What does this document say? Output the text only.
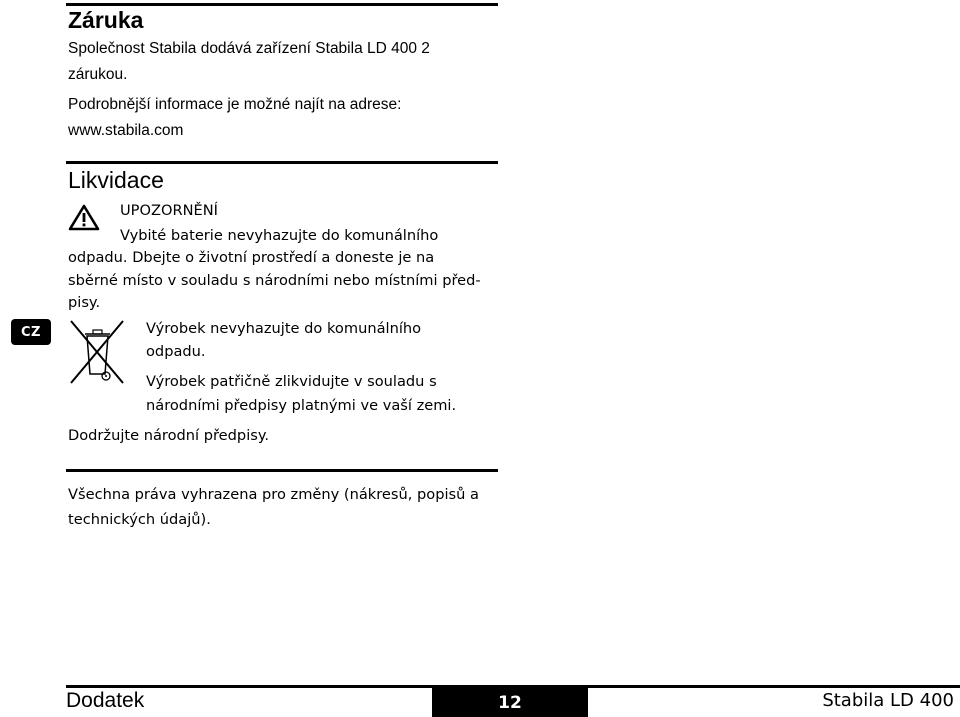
Záruka
Společnost Stabila dodává zařízení Stabila LD 400 2
zárukou.
Podrobnější informace je možné najít na adrese:
www.stabila.com
Likvidace
UPOZORNĚNÍ
Vybité baterie nevyhazujte do komunálního
odpadu. Dbejte o životní prostředí a doneste je na
sběrné místo v souladu s národními nebo místními před-
pisy.
CZ	Výrobek nevyhazujte do komunálního
odpadu.
Výrobek patřičně zlikvidujte v souladu s
národními předpisy platnými ve vaší zemi.
Dodržujte národní předpisy.
Všechna práva vyhrazena pro změny (nákresů, popisů a
technických údajů).
Dodatek	12	Stabila LD 400
